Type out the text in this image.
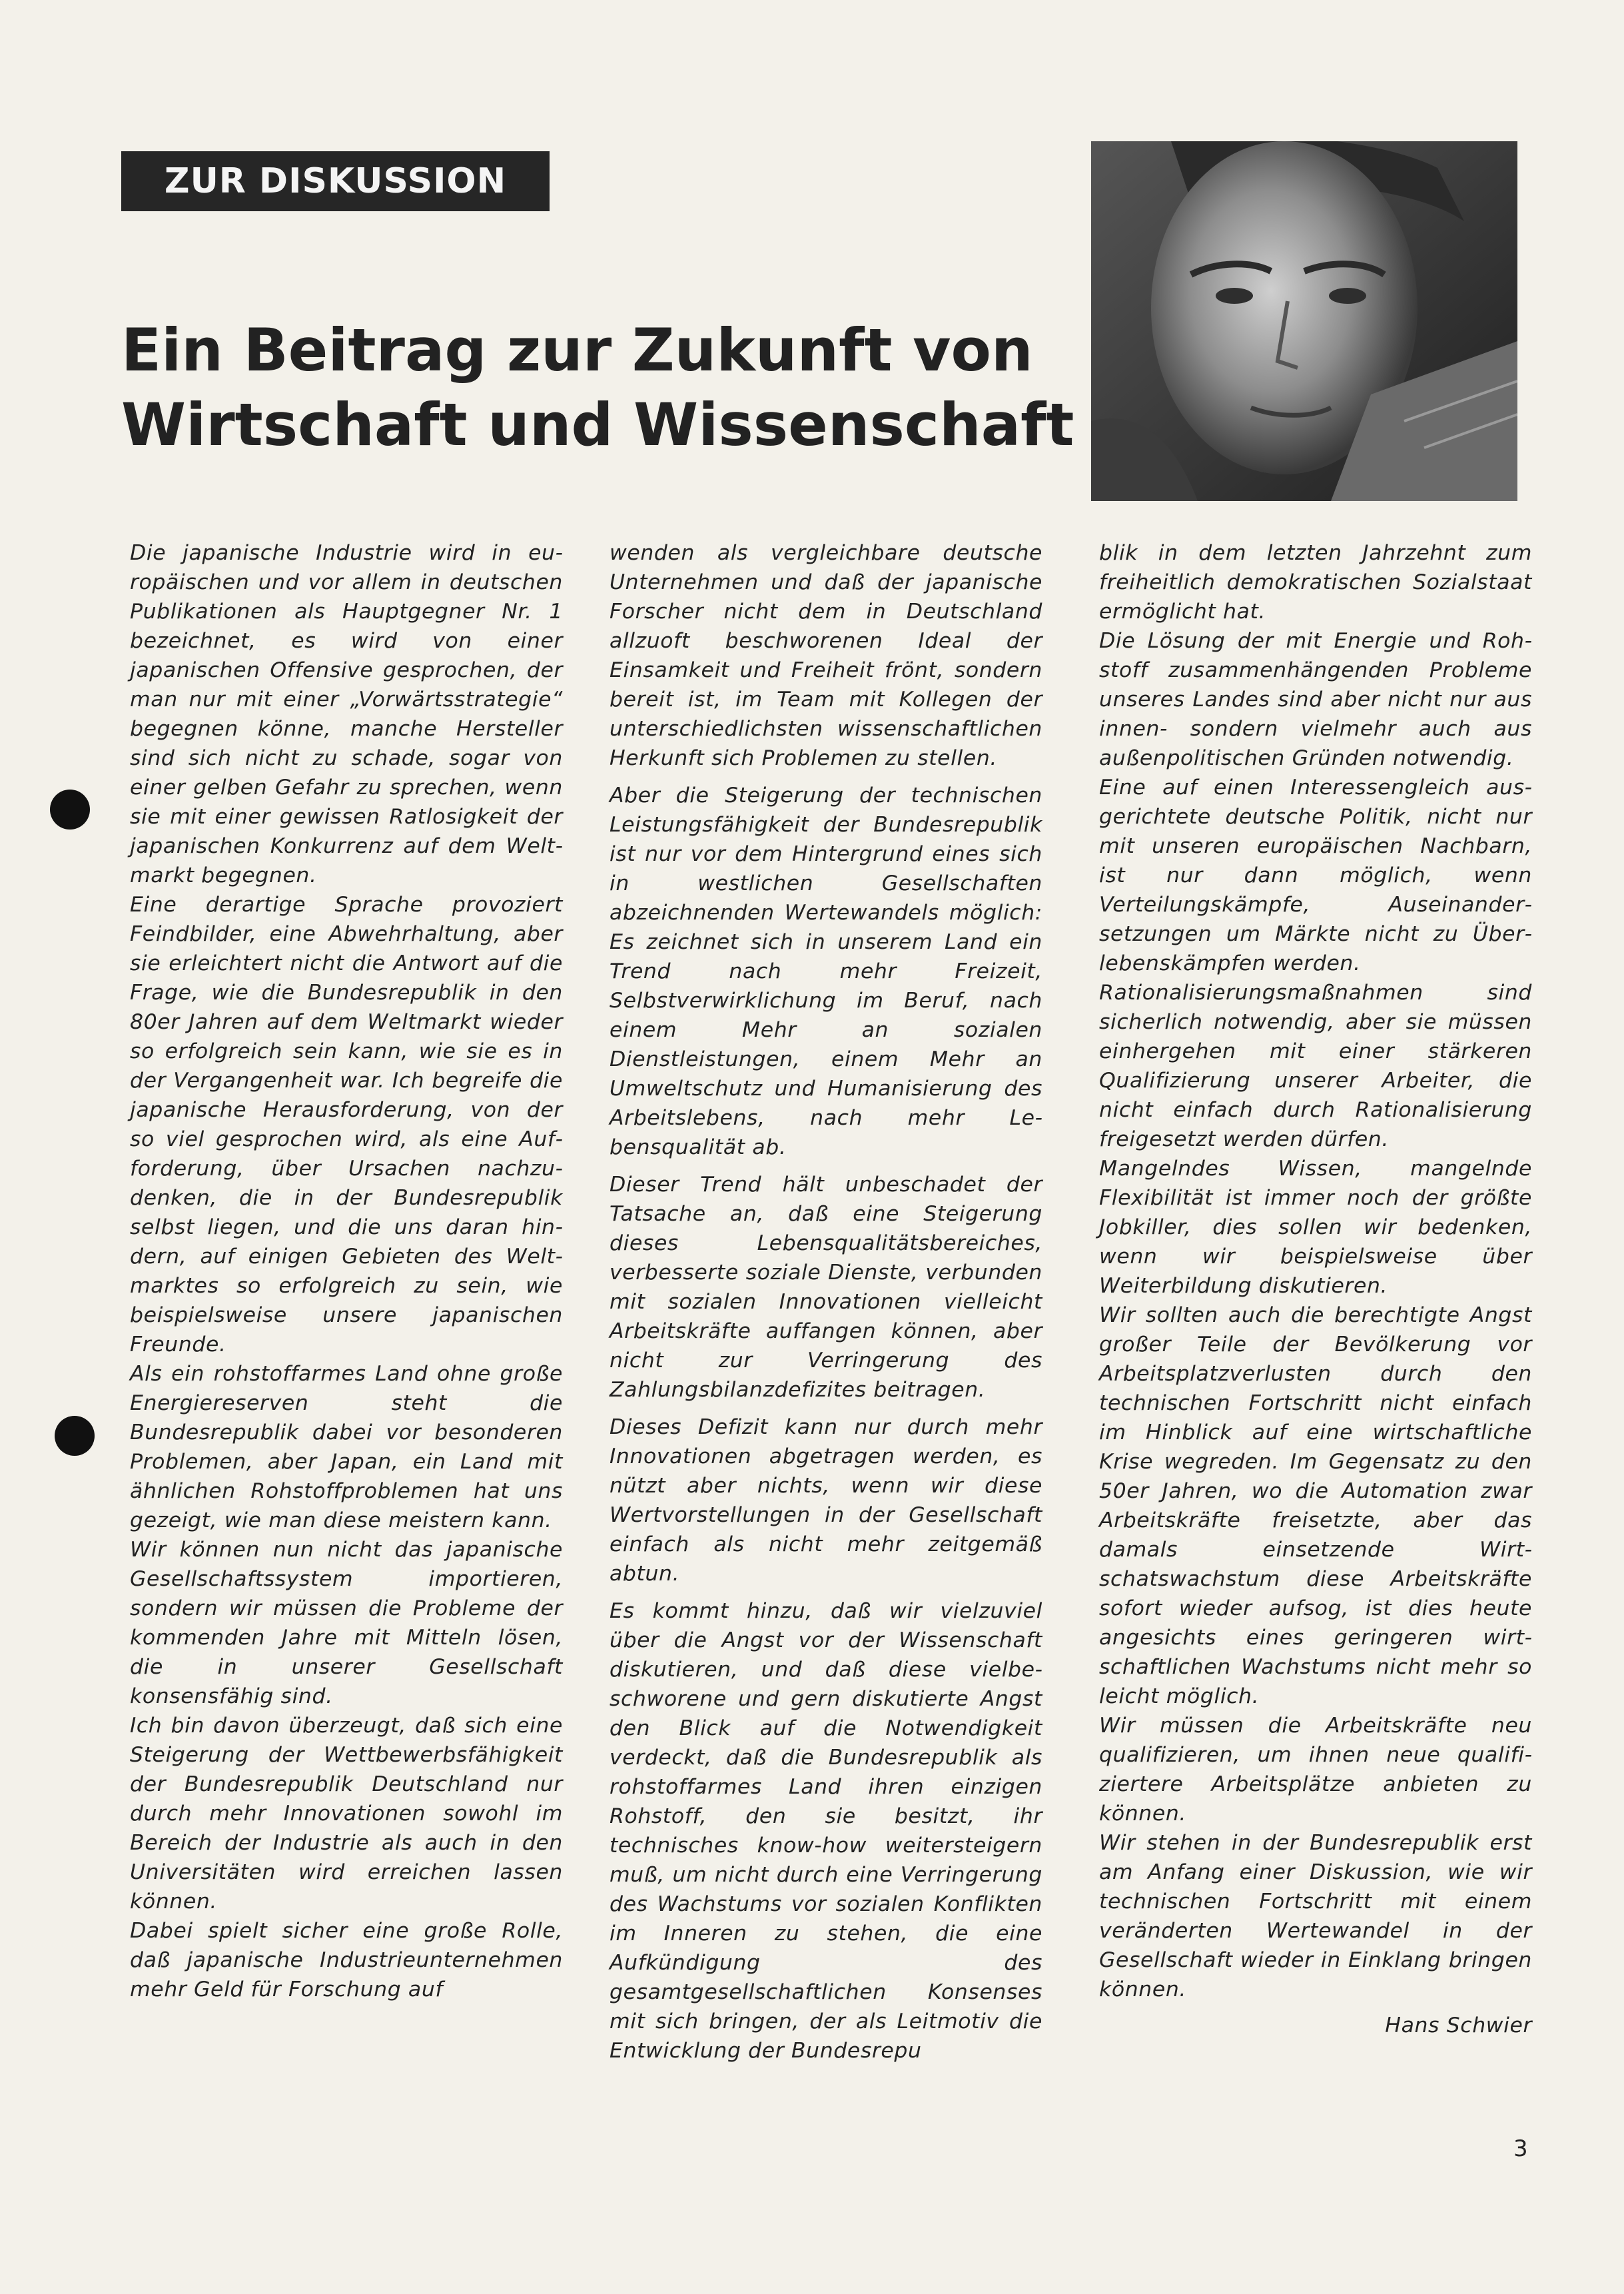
ZUR DISKUSSION
Ein Beitrag zur Zukunft von
Wirtschaft und Wissenschaft

Die japanische Industrie wird in europäischen und vor allem in deutschen Publikationen als Hauptgegner Nr. 1 bezeichnet, es wird von einer japanischen Offensive gesprochen, der man nur mit einer „Vorwärtsstrategie“ begegnen könne, manche Hersteller sind sich nicht zu schade, sogar von einer gelben Gefahr zu sprechen, wenn sie mit einer gewissen Ratlosigkeit der japanischen Konkurrenz auf dem Weltmarkt begegnen.

Eine derartige Sprache provoziert Feindbilder, eine Abwehrhaltung, aber sie erleichtert nicht die Antwort auf die Frage, wie die Bundesrepublik in den 80er Jahren auf dem Weltmarkt wieder so erfolgreich sein kann, wie sie es in der Vergangenheit war. Ich begreife die japanische Herausforderung, von der so viel gesprochen wird, als eine Aufforderung, über Ursachen nachzudenken, die in der Bundesrepublik selbst liegen, und die uns daran hindern, auf einigen Gebieten des Weltmarktes so erfolgreich zu sein, wie beispielsweise unsere japanischen Freunde.

Als ein rohstoffarmes Land ohne große Energiereserven steht die Bundesrepublik dabei vor besonderen Problemen, aber Japan, ein Land mit ähnlichen Rohstoffproblemen hat uns gezeigt, wie man diese meistern kann.

Wir können nun nicht das japanische Gesellschaftssystem importieren, sondern wir müssen die Probleme der kommenden Jahre mit Mitteln lösen, die in unserer Gesellschaft konsensfähig sind.

Ich bin davon überzeugt, daß sich eine Steigerung der Wettbewerbsfähigkeit der Bundesrepublik Deutschland nur durch mehr Innovationen sowohl im Bereich der Industrie als auch in den Universitäten wird erreichen lassen können.

Dabei spielt sicher eine große Rolle, daß japanische Industrieunternehmen mehr Geld für Forschung auf

wenden als vergleichbare deutsche Unternehmen und daß der japanische Forscher nicht dem in Deutschland allzuoft beschworenen Ideal der Einsamkeit und Freiheit frönt, sondern bereit ist, im Team mit Kollegen der unterschiedlichsten wissenschaftlichen Herkunft sich Problemen zu stellen.

Aber die Steigerung der technischen Leistungsfähigkeit der Bundesrepublik ist nur vor dem Hintergrund eines sich in westlichen Gesellschaften abzeichnenden Wertewandels möglich: Es zeichnet sich in unserem Land ein Trend nach mehr Freizeit, Selbstverwirklichung im Beruf, nach einem Mehr an sozialen Dienstleistungen, einem Mehr an Umweltschutz und Humanisierung des Arbeitslebens, nach mehr Lebensqualität ab.

Dieser Trend hält unbeschadet der Tatsache an, daß eine Steigerung dieses Lebensqualitätsbereiches, verbesserte soziale Dienste, verbunden mit sozialen Innovationen vielleicht Arbeitskräfte auffangen können, aber nicht zur Verringerung des Zahlungsbilanzdefizites beitragen.

Dieses Defizit kann nur durch mehr Innovationen abgetragen werden, es nützt aber nichts, wenn wir diese Wertvorstellungen in der Gesellschaft einfach als nicht mehr zeitgemäß abtun.

Es kommt hinzu, daß wir vielzuviel über die Angst vor der Wissenschaft diskutieren, und daß diese vielbeschworene und gern diskutierte Angst den Blick auf die Notwendigkeit verdeckt, daß die Bundesrepublik als rohstoffarmes Land ihren einzigen Rohstoff, den sie besitzt, ihr technisches know-how weitersteigern muß, um nicht durch eine Verringerung des Wachstums vor sozialen Konflikten im Inneren zu stehen, die eine Aufkündigung des gesamtgesellschaftlichen Konsenses mit sich bringen, der als Leitmotiv die Entwicklung der Bundesrepu

blik in dem letzten Jahrzehnt zum freiheitlich demokratischen Sozialstaat ermöglicht hat.

Die Lösung der mit Energie und Rohstoff zusammenhängenden Probleme unseres Landes sind aber nicht nur aus innen- sondern vielmehr auch aus außenpolitischen Gründen notwendig.

Eine auf einen Interessengleich ausgerichtete deutsche Politik, nicht nur mit unseren europäischen Nachbarn, ist nur dann möglich, wenn Verteilungskämpfe, Auseinandersetzungen um Märkte nicht zu Überlebenskämpfen werden.

Rationalisierungsmaßnahmen sind sicherlich notwendig, aber sie müssen einhergehen mit einer stärkeren Qualifizierung unserer Arbeiter, die nicht einfach durch Rationalisierung freigesetzt werden dürfen.

Mangelndes Wissen, mangelnde Flexibilität ist immer noch der größte Jobkiller, dies sollen wir bedenken, wenn wir beispielsweise über Weiterbildung diskutieren.

Wir sollten auch die berechtigte Angst großer Teile der Bevölkerung vor Arbeitsplatzverlusten durch den technischen Fortschritt nicht einfach im Hinblick auf eine wirtschaftliche Krise wegreden. Im Gegensatz zu den 50er Jahren, wo die Automation zwar Arbeitskräfte freisetzte, aber das damals einsetzende Wirtschatswachstum diese Arbeitskräfte sofort wieder aufsog, ist dies heute angesichts eines geringeren wirtschaftlichen Wachstums nicht mehr so leicht möglich.

Wir müssen die Arbeitskräfte neu qualifizieren, um ihnen neue qualifiziertere Arbeitsplätze anbieten zu können.

Wir stehen in der Bundesrepublik erst am Anfang einer Diskussion, wie wir technischen Fortschritt mit einem veränderten Wertewandel in der Gesellschaft wieder in Einklang bringen können.

Hans Schwier
3
